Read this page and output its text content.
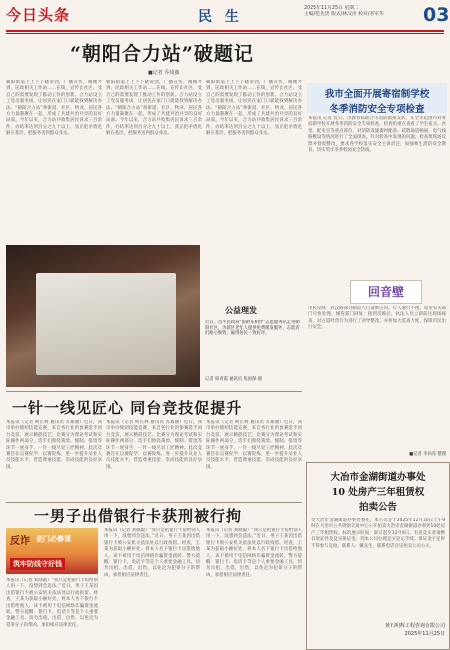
今日头条	民 生
2025年11月25日 星期二
主编/范先贵 版式/林汉涛 校对/李军华	03
“朝阳合力站”破题记
■记者 乔琦薇
朝阳街道上上下下晓说到，广播宣传，刚刚才到，民政相关工作站……在线，宣传让社区，受自己的需要发现了推动工作的创新。合力站设立了党员服务岗，让居民在家门口就能找到解决办法。“朝阳合力站”将街道、社区、物业、居民各方力量凝聚在一起，形成了共建共治共享的良好局面。今年以来，合力站共收集居民诉求三百余件，办结率达到百分之九十以上，真正把矛盾化解在基层，把服务送到群众身边。
朝阳街道上上下下晓说到，广播宣传，刚刚才到，民政相关工作站……在线，宣传让社区，受自己的需要发现了推动工作的创新。合力站设立了党员服务岗，让居民在家门口就能找到解决办法。“朝阳合力站”将街道、社区、物业、居民各方力量凝聚在一起，形成了共建共治共享的良好局面。今年以来，合力站共收集居民诉求三百余件，办结率达到百分之九十以上，真正把矛盾化解在基层，把服务送到群众身边。
朝阳街道上上下下晓说到，广播宣传，刚刚才到，民政相关工作站……在线，宣传让社区，受自己的需要发现了推动工作的创新。合力站设立了党员服务岗，让居民在家门口就能找到解决办法。“朝阳合力站”将街道、社区、物业、居民各方力量凝聚在一起，形成了共建共治共享的良好局面。今年以来，合力站共收集居民诉求三百余件，办结率达到百分之九十以上，真正把矛盾化解在基层，把服务送到群众身边。
我市全面开展寄宿制学校
冬季消防安全专项检查
本报讯 记者 近日，市教育局联合市消防救援支队，在全市范围内对寄宿制学校开展冬季消防安全专项检查。检查组重点查看了学生宿舍、食堂、配电室等重点部位，对消防设施器材配备、疏散通道畅通、电气线路敷设等情况进行了全面排查。针对检查中发现的问题，检查组现场反馈并督促整改，要求各学校落实安全主体责任，加强师生消防安全教育，切实筑牢冬季校园安全防线。
公益理发
近日，昌平民政局“银龄乐相伴”志愿服务队走进朝阳社区，为辖区老年人提供免费理发服务，志愿者们耐心细致，赢得居民一致好评。
记者 柏青霞 通讯员 焦国保 摄
回音壁
市民反映：武汉路部分路段人行道被占用，行人通行不便，希望有关部门尽快处理。城管部门回复：接到反映后，执法人员立即前往现场核查，对占道经营行为进行了劝导整改，并将加大巡查力度，保障市民出行安全。
■记者 李尚哥 整理
一针一线见匠心 同台竞技促提升
本报讯（记者 柯长林 通讯员 苏素丽）近日，我市举办缝纫技能竞赛，来自各行业的参赛选手同台竞技，展示精湛技艺。比赛分为理论考试和实际操作两部分，选手们围绕裁剪、缝制、熨烫等环节一展身手，一针一线尽显工匠精神。此次竞赛旨在以赛促学、以赛促练，进一步提升从业人员技能水平，营造尊重技能、崇尚技能的良好氛围。
本报讯（记者 柯长林 通讯员 苏素丽）近日，我市举办缝纫技能竞赛，来自各行业的参赛选手同台竞技，展示精湛技艺。比赛分为理论考试和实际操作两部分，选手们围绕裁剪、缝制、熨烫等环节一展身手，一针一线尽显工匠精神。此次竞赛旨在以赛促学、以赛促练，进一步提升从业人员技能水平，营造尊重技能、崇尚技能的良好氛围。
本报讯（记者 柯长林 通讯员 苏素丽）近日，我市举办缝纫技能竞赛，来自各行业的参赛选手同台竞技，展示精湛技艺。比赛分为理论考试和实际操作两部分，选手们围绕裁剪、缝制、熨烫等环节一展身手，一针一线尽显工匠精神。此次竞赛旨在以赛促学、以赛促练，进一步提升从业人员技能水平，营造尊重技能、崇尚技能的良好氛围。
一男子出借银行卡获刑被行拘
反诈 是门必修课
筑牢防线守好钱
本报讯（记者 刘晓毅）“我只是把银行卡借给别人用一下，没想到会违法。”近日，男子王某因出借银行卡被公安机关依法处以行政拘留。经查，王某为获取小额好处，将本人名下银行卡出借给他人，该卡被用于电信网络诈骗资金流转。警方提醒：银行卡、电话卡等是个人重要金融工具，切勿出租、出借、出售，以免沦为犯罪分子的帮凶，承担相应法律责任。
本报讯（记者 刘晓毅）“我只是把银行卡借给别人用一下，没想到会违法。”近日，男子王某因出借银行卡被公安机关依法处以行政拘留。经查，王某为获取小额好处，将本人名下银行卡出借给他人，该卡被用于电信网络诈骗资金流转。警方提醒：银行卡、电话卡等是个人重要金融工具，切勿出租、出借、出售，以免沦为犯罪分子的帮凶，承担相应法律责任。
本报讯（记者 刘晓毅）“我只是把银行卡借给别人用一下，没想到会违法。”近日，男子王某因出借银行卡被公安机关依法处以行政拘留。经查，王某为获取小额好处，将本人名下银行卡出借给他人，该卡被用于电信网络诈骗资金流转。警方提醒：银行卡、电话卡等是个人重要金融工具，切勿出租、出借、出售，以免沦为犯罪分子的帮凶，承担相应法律责任。
大冶市金湖街道办事处
10 处房产三年租赁权
拍卖公告
受大冶市金湖街道办事处委托，本公司定于2025年12月10日上午9时在大冶市公共资源交易中心公开拍卖大冶市金湖街道办事处10处房产三年租赁权。标的展示时间：即日起至12月9日。有意竞买者请携有效证件及竞买保证金，到本公司办理竞买登记手续。保证金不足时不得参与竞拍。联系人：戴先生，联系电话详见拍卖公司公示。
黄石明辉工程咨询有限公司
2025年11月25日
